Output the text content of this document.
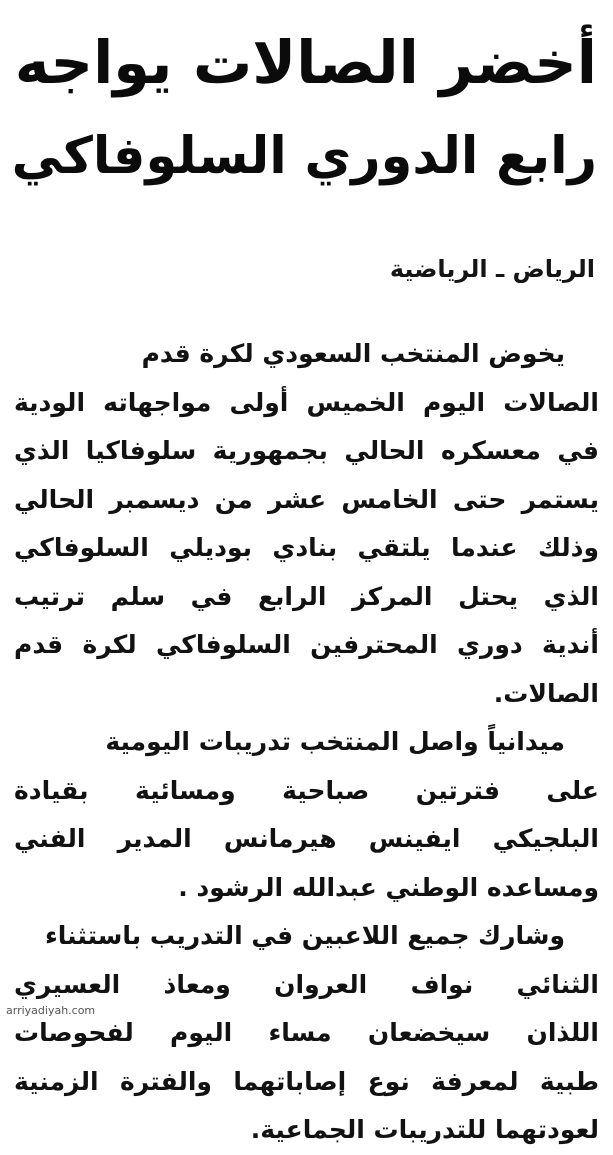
أخضر الصالات يواجه
رابع الدوري السلوفاكي

الرياض ـ الرياضية

يخوض المنتخب السعودي لكرة قدم
الصالات اليوم الخميس أولى مواجهاته الودية
في معسكره الحالي بجمهورية سلوفاكيا الذي
يستمر حتى الخامس عشر من ديسمبر الحالي
وذلك عندما يلتقي بنادي بوديلي السلوفاكي
الذي يحتل المركز الرابع في سلم ترتيب
أندية دوري المحترفين السلوفاكي لكرة قدم
الصالات.
ميدانياً واصل المنتخب تدريبات اليومية
على فترتين صباحية ومسائية بقيادة
البلجيكي ايفينس هيرمانس المدير الفني
ومساعده الوطني عبدالله الرشود .
وشارك جميع اللاعبين في التدريب باستثناء
الثنائي نواف العروان ومعاذ العسيري
اللذان سيخضعان مساء اليوم لفحوصات
طبية لمعرفة نوع إصاباتهما والفترة الزمنية
لعودتهما للتدريبات الجماعية.
arriyadiyah.com
